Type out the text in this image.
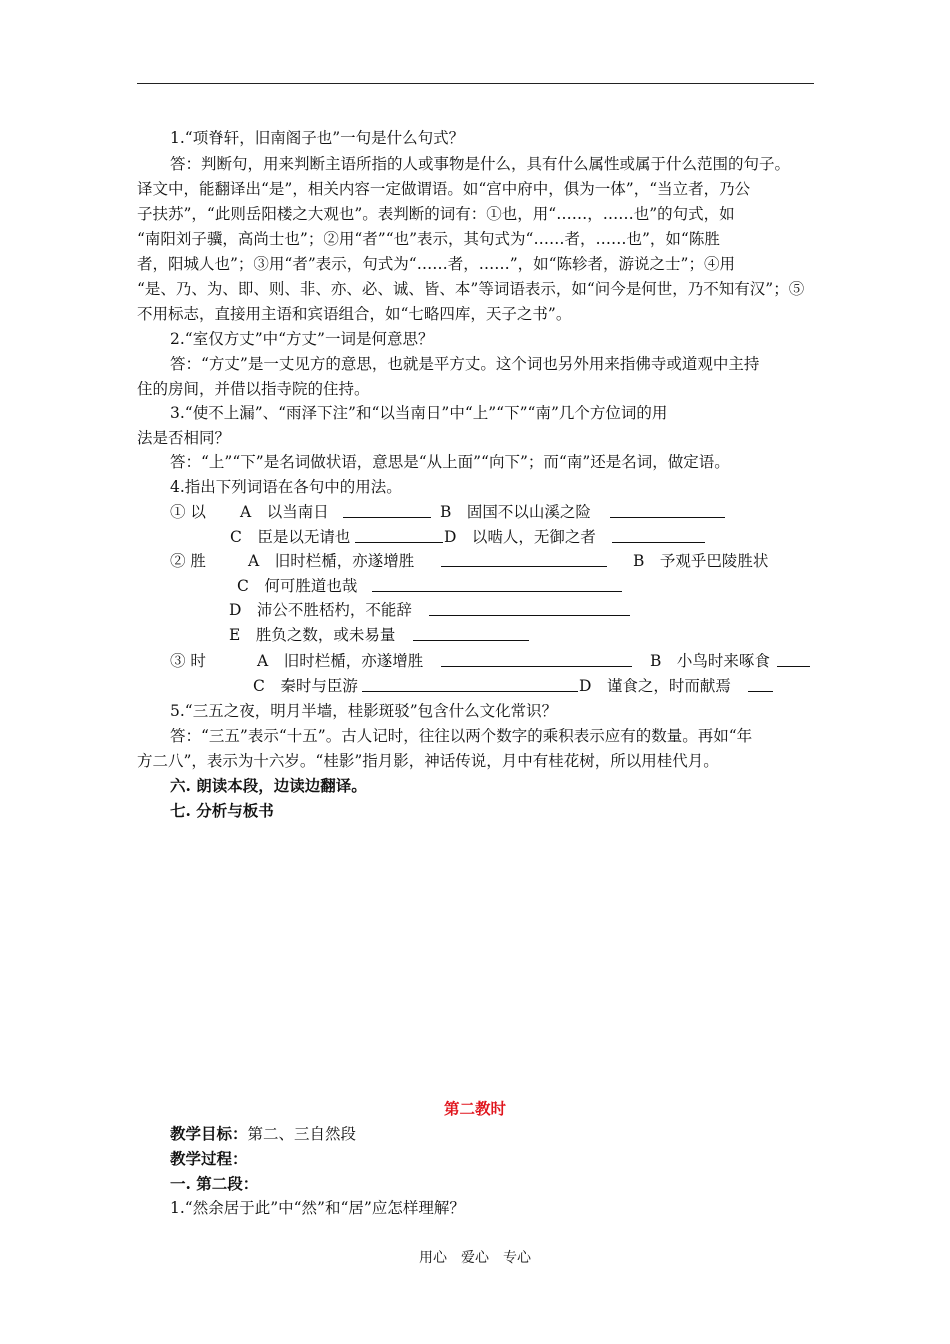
1.“项脊轩，旧南阁子也”一句是什么句式？
答：判断句，用来判断主语所指的人或事物是什么，具有什么属性或属于什么范围的句子。
译文中，能翻译出“是”，相关内容一定做谓语。如“宫中府中，俱为一体”，“当立者，乃公
子扶苏”，“此则岳阳楼之大观也”。表判断的词有：①也，用“……，……也”的句式，如
“南阳刘子骥，高尚士也”；②用“者”“也”表示，其句式为“……者，……也”，如“陈胜
者，阳城人也”；③用“者”表示，句式为“……者，……”，如“陈轸者，游说之士”；④用
“是、乃、为、即、则、非、亦、必、诚、皆、本”等词语表示，如“问今是何世，乃不知有汉”；⑤
不用标志，直接用主语和宾语组合，如“七略四库，天子之书”。
2.“室仅方丈”中“方丈”一词是何意思？
答：“方丈”是一丈见方的意思，也就是平方丈。这个词也另外用来指佛寺或道观中主持
住的房间，并借以指寺院的住持。
3.“使不上漏”、“雨泽下注”和“以当南日”中“上”“下”“南”几个方位词的用
法是否相同？
答：“上”“下”是名词做状语，意思是“从上面”“向下”；而“南”还是名词，做定语。
4.指出下列词语在各句中的用法。
① 以 A　以当南日	B　固国不以山溪之险
C　臣是以无请也	D　以啮人，无御之者
② 胜	A　旧时栏楯，亦遂增胜	B　予观乎巴陵胜状
C　何可胜道也哉
D　沛公不胜桮杓，不能辞
E　胜负之数，或未易量
③ 时	A　旧时栏楯，亦遂增胜	B　小鸟时来啄食
C　秦时与臣游	D　谨食之，时而献焉
5.“三五之夜，明月半墙，桂影斑驳”包含什么文化常识？
答：“三五”表示“十五”。古人记时，往往以两个数字的乘积表示应有的数量。再如“年
方二八”，表示为十六岁。“桂影”指月影，神话传说，月中有桂花树，所以用桂代月。
六. 朗读本段，边读边翻译。
七. 分析与板书
第二教时
教学目标：第二、三自然段
教学过程：
一. 第二段：
1.“然余居于此”中“然”和“居”应怎样理解？
用心　爱心　专心
